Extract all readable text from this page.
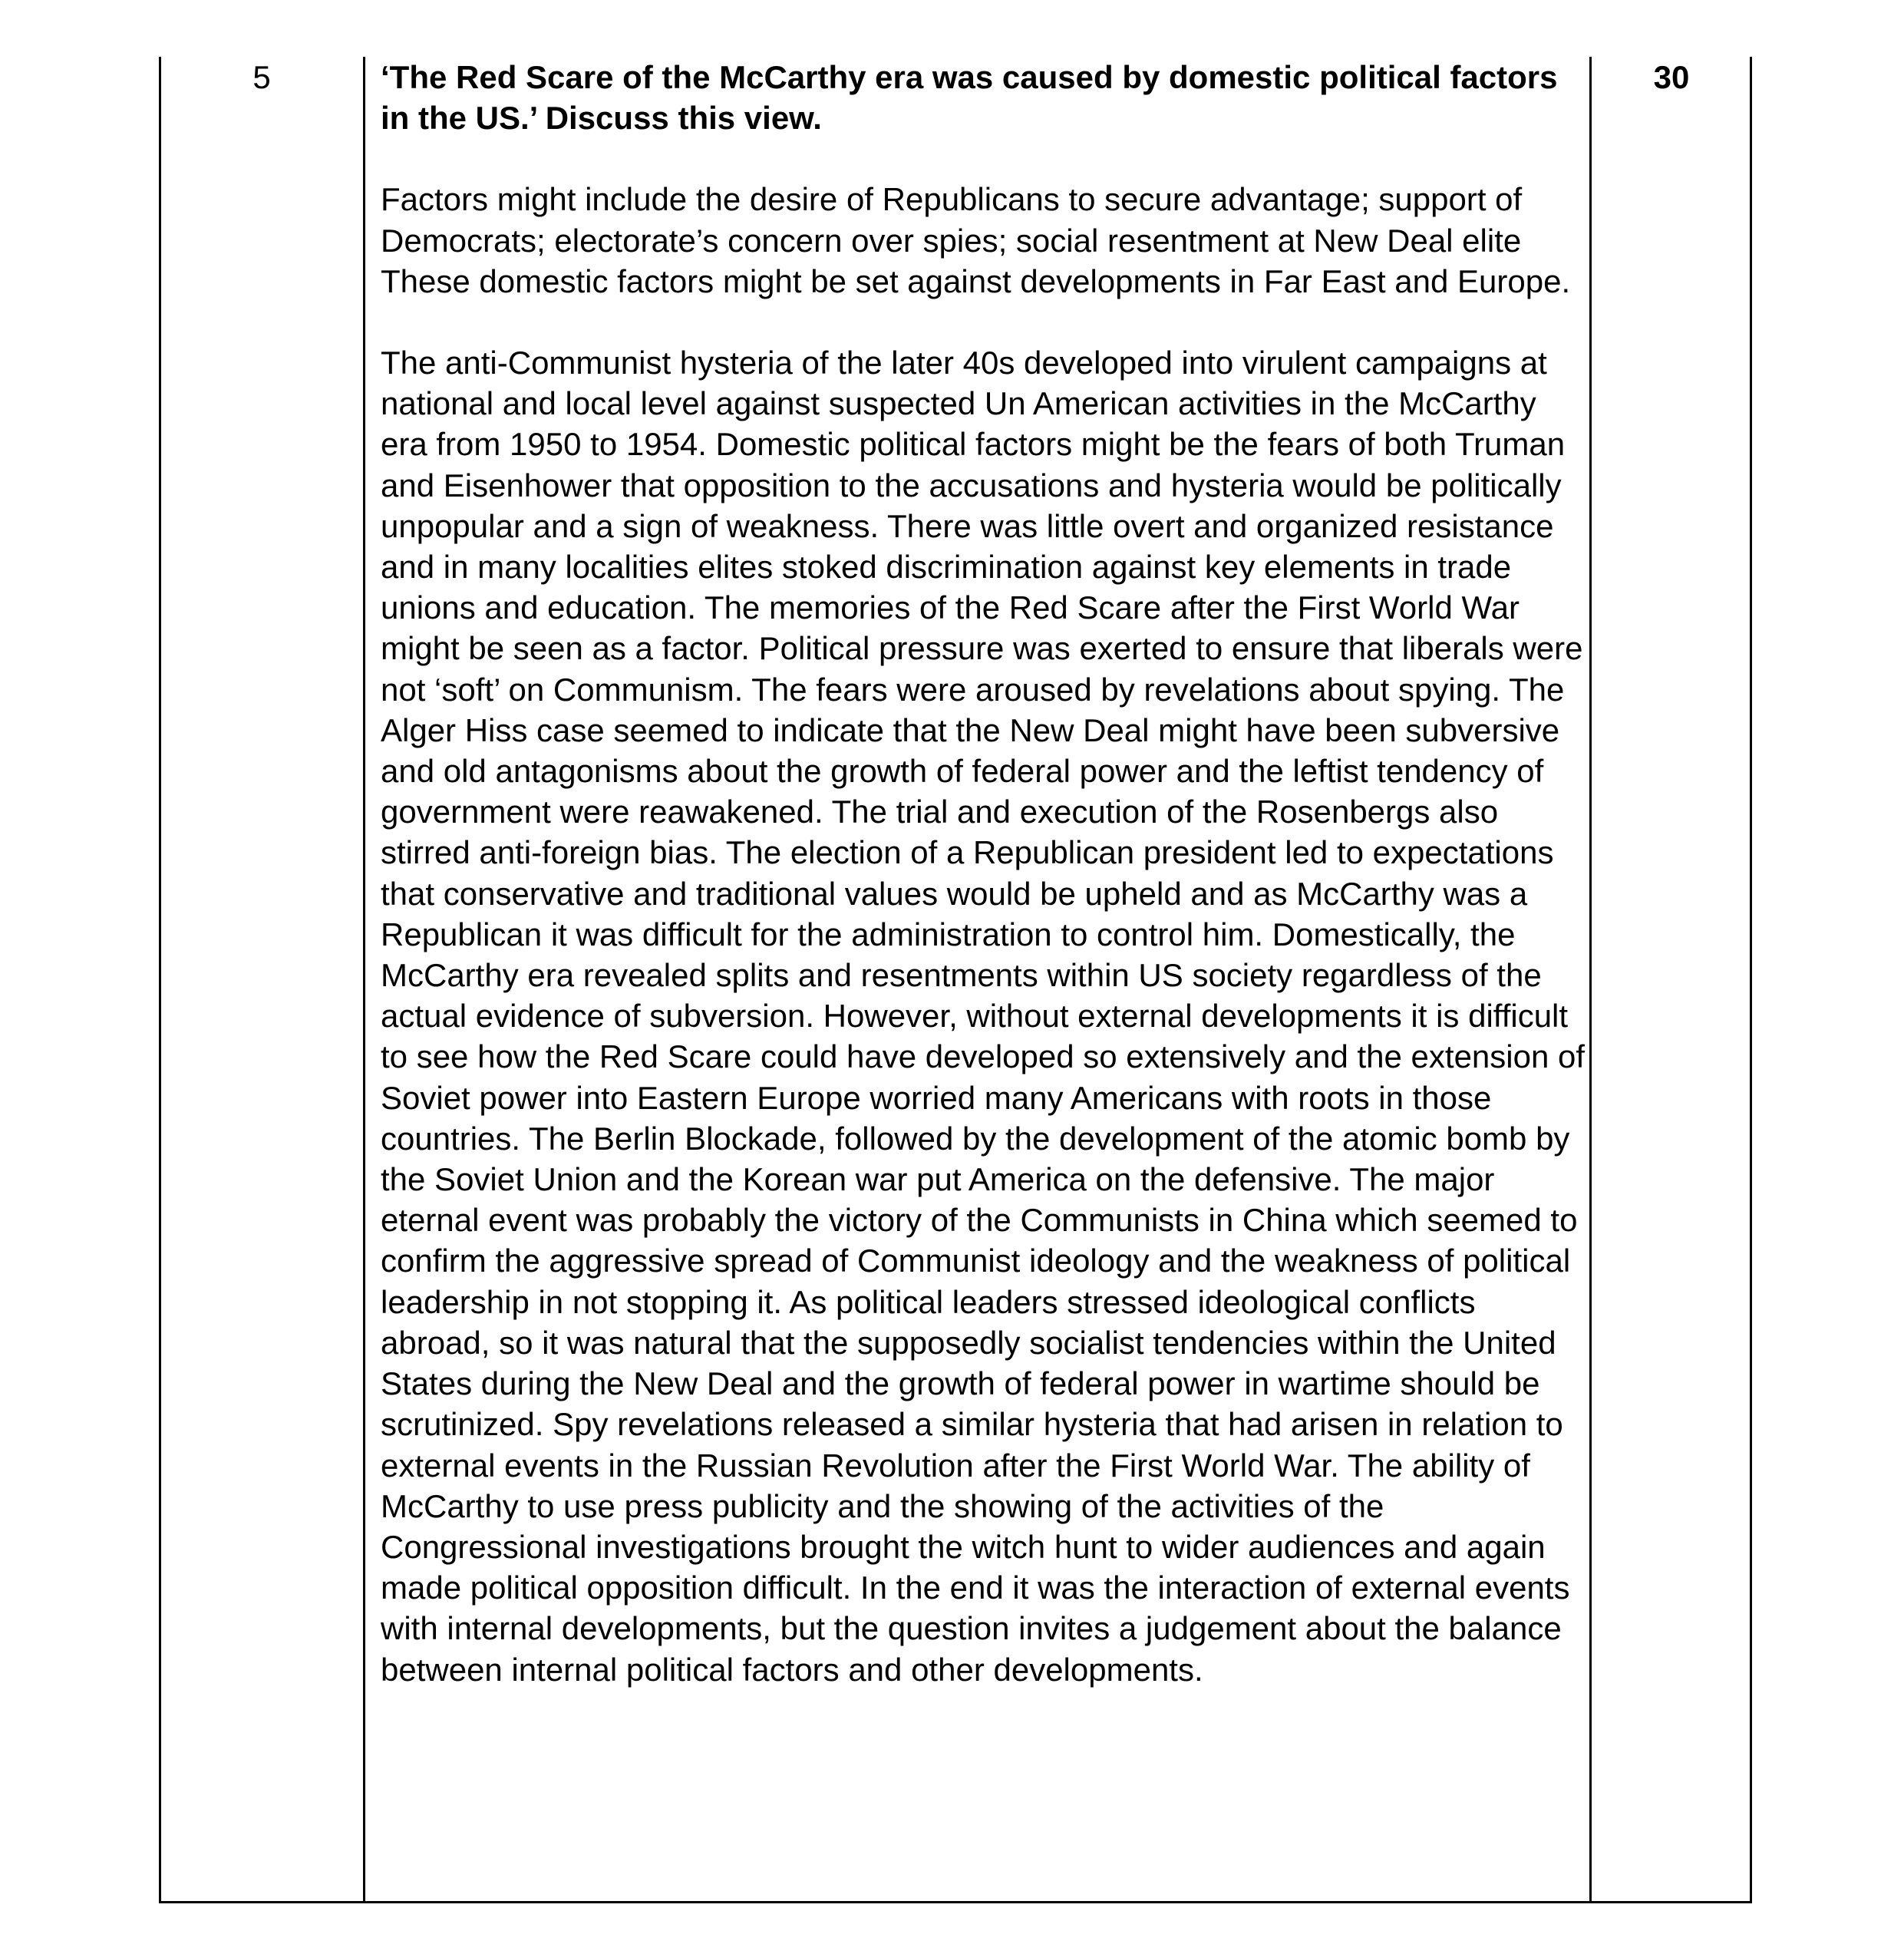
5	‘The Red Scare of the McCarthy era was caused by domestic political factors in the US.’ Discuss this view.

Factors might include the desire of Republicans to secure advantage; support of Democrats; electorate’s concern over spies; social resentment at New Deal elite These domestic factors might be set against developments in Far East and Europe.

The anti-Communist hysteria of the later 40s developed into virulent campaigns at national and local level against suspected Un American activities in the McCarthy era from 1950 to 1954. Domestic political factors might be the fears of both Truman and Eisenhower that opposition to the accusations and hysteria would be politically unpopular and a sign of weakness. There was little overt and organized resistance and in many localities elites stoked discrimination against key elements in trade unions and education. The memories of the Red Scare after the First World War might be seen as a factor. Political pressure was exerted to ensure that liberals were not ‘soft’ on Communism. The fears were aroused by revelations about spying. The Alger Hiss case seemed to indicate that the New Deal might have been subversive and old antagonisms about the growth of federal power and the leftist tendency of government were reawakened. The trial and execution of the Rosenbergs also stirred anti-foreign bias. The election of a Republican president led to expectations that conservative and traditional values would be upheld and as McCarthy was a Republican it was difficult for the administration to control him. Domestically, the McCarthy era revealed splits and resentments within US society regardless of the actual evidence of subversion. However, without external developments it is difficult to see how the Red Scare could have developed so extensively and the extension of Soviet power into Eastern Europe worried many Americans with roots in those countries. The Berlin Blockade, followed by the development of the atomic bomb by the Soviet Union and the Korean war put America on the defensive. The major eternal event was probably the victory of the Communists in China which seemed to confirm the aggressive spread of Communist ideology and the weakness of political leadership in not stopping it. As political leaders stressed ideological conflicts abroad, so it was natural that the supposedly socialist tendencies within the United States during the New Deal and the growth of federal power in wartime should be scrutinized. Spy revelations released a similar hysteria that had arisen in relation to external events in the Russian Revolution after the First World War. The ability of McCarthy to use press publicity and the showing of the activities of the Congressional investigations brought the witch hunt to wider audiences and again made political opposition difficult. In the end it was the interaction of external events with internal developments, but the question invites a judgement about the balance between internal political factors and other developments.

30
